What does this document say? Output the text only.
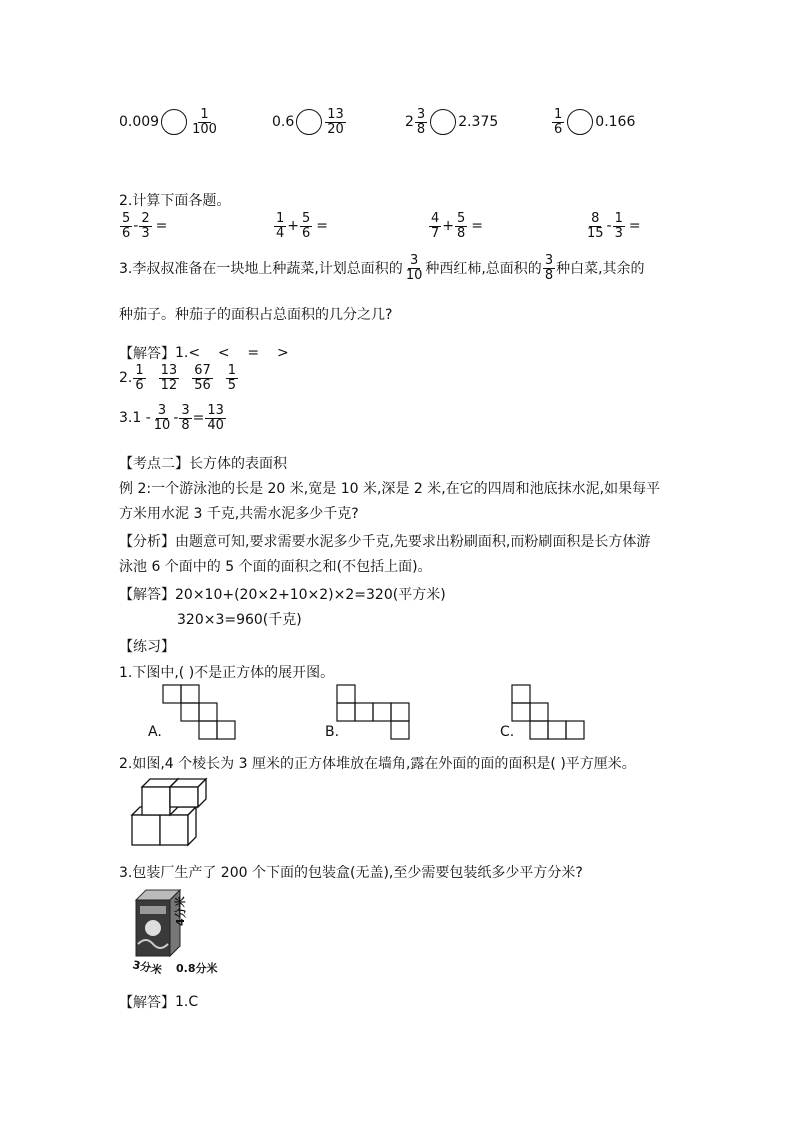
$0.009 \frac{1}{100}$	$0.6 \frac{13}{20}$	$2 \frac{3}{8} 2.375$	$\frac{1}{6} 0.166$
2.计算下面各题。
$\frac{5}{6} - \frac{2}{3}$ =	$\frac{1}{4} + \frac{5}{6}$ =	$\frac{4}{7} + \frac{5}{8}$ =	$\frac{8}{15} - \frac{1}{3}$ =
3.李叔叔准备在一块地上种蔬菜,计划总面积的 $\frac{3}{10}$ 种西红柿,总面积的 $\frac{3}{8}$ 种白菜,其余的
种茄子。种茄子的面积占总面积的几分之几?
【解答】 1.<    <    =    >
2. $\frac{1}{6} \frac{13}{12} \frac{67}{56} \frac{1}{5}$
$3.1 - \frac{3}{10} - \frac{3}{8} = \frac{13}{40}$
【考点二】长方体的表面积
例 2:一个游泳池的长是 20 米,宽是 10 米,深是 2 米,在它的四周和池底抹水泥,如果每平
方米用水泥 3 千克,共需水泥多少千克?
【分析】由题意可知,要求需要水泥多少千克,先要求出粉刷面积,而粉刷面积是长方体游
泳池 6 个面中的 5 个面的面积之和(不包括上面)。
【解答】20×10+(20×2+10×2)×2=320(平方米)
320×3=960(千克)
【练习】
1.下图中,( )不是正方体的展开图。
A.	B.	C.
2.如图,4 个棱长为 3 厘米的正方体堆放在墙角,露在外面的面的面积是( )平方厘米。
3.包装厂生产了 200 个下面的包装盒(无盖),至少需要包装纸多少平方分米?
4分米
3分米 0.8分米
【解答】 1.C
